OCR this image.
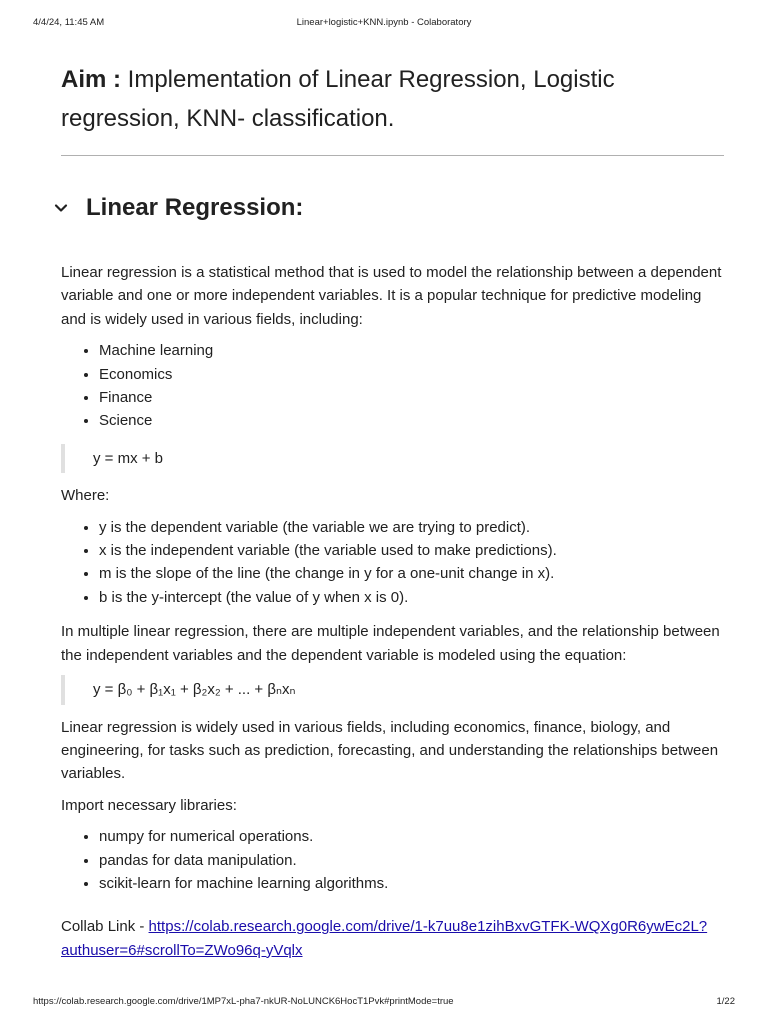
4/4/24, 11:45 AM	Linear+logistic+KNN.ipynb - Colaboratory
Aim : Implementation of Linear Regression, Logistic regression, KNN- classification.
Linear Regression:

Linear regression is a statistical method that is used to model the relationship between a dependent variable and one or more independent variables. It is a popular technique for predictive modeling and is widely used in various fields, including:

• Machine learning
• Economics
• Finance
• Science
y = mx + b

Where:

• y is the dependent variable (the variable we are trying to predict).
• x is the independent variable (the variable used to make predictions).
• m is the slope of the line (the change in y for a one-unit change in x).
• b is the y-intercept (the value of y when x is 0).

In multiple linear regression, there are multiple independent variables, and the relationship between the independent variables and the dependent variable is modeled using the equation:

y = β₀ + β₁x₁ + β₂x₂ + ... + βₙxₙ

Linear regression is widely used in various fields, including economics, finance, biology, and engineering, for tasks such as prediction, forecasting, and understanding the relationships between variables.

Import necessary libraries:

• numpy for numerical operations.
• pandas for data manipulation.
• scikit-learn for machine learning algorithms.

Collab Link - https://colab.research.google.com/drive/1-k7uu8e1zihBxvGTFK-WQXg0R6ywEc2L?authuser=6#scrollTo=ZWo96q-yVqlx

https://colab.research.google.com/drive/1MP7xL-pha7-nkUR-NoLUNCK6HocT1Pvk#printMode=true	1/22
